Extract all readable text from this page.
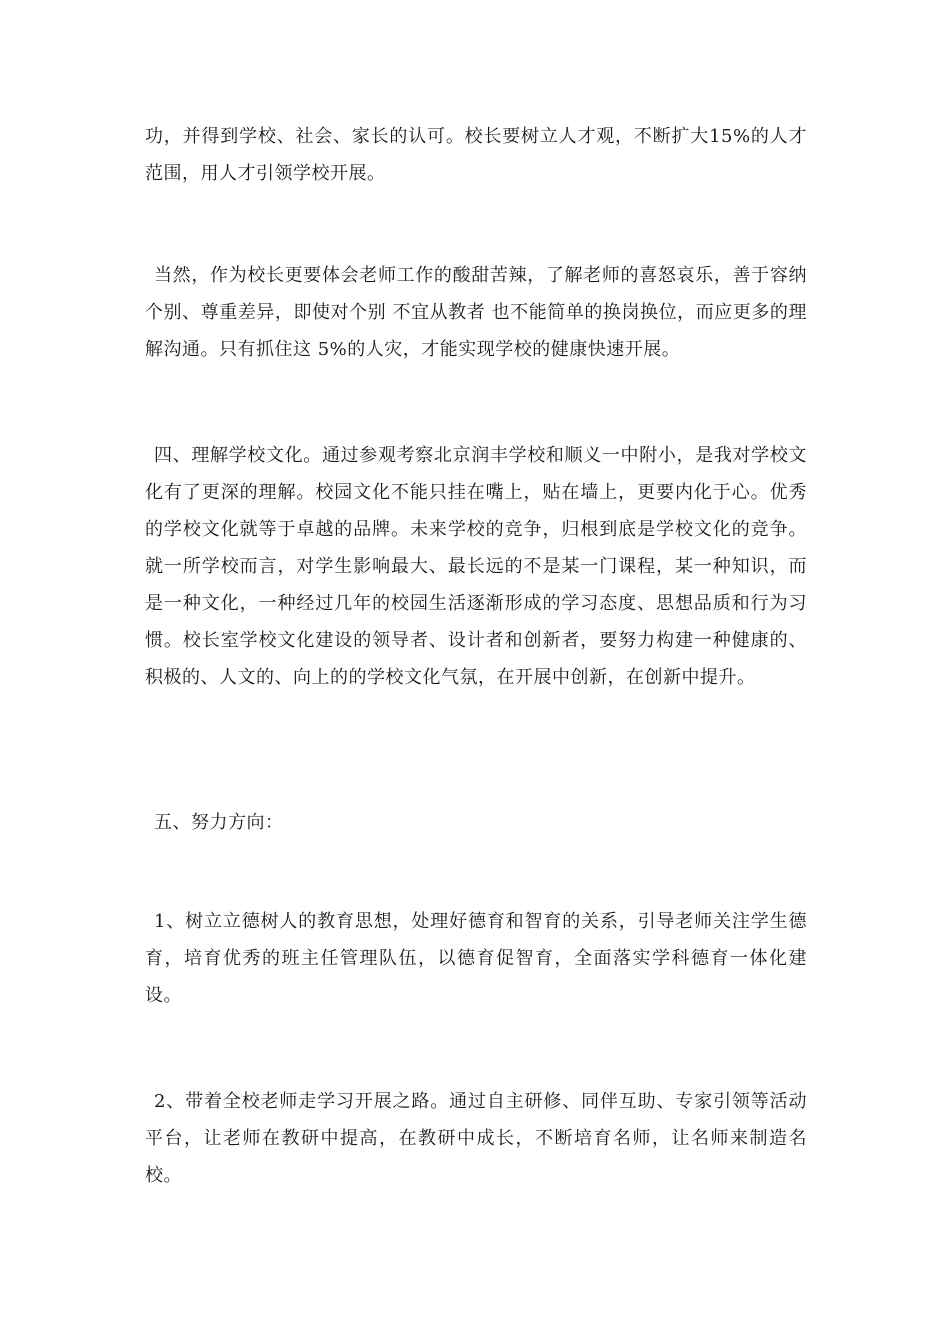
功，并得到学校、社会、家长的认可。校长要树立人才观，不断扩大15%的人才范围，用人才引领学校开展。

当然，作为校长更要体会老师工作的酸甜苦辣，了解老师的喜怒哀乐，善于容纳个别、尊重差异，即使对个别 不宜从教者 也不能简单的换岗换位，而应更多的理解沟通。只有抓住这 5%的人灾，才能实现学校的健康快速开展。

四、理解学校文化。通过参观考察北京润丰学校和顺义一中附小，是我对学校文化有了更深的理解。校园文化不能只挂在嘴上，贴在墙上，更要内化于心。优秀的学校文化就等于卓越的品牌。未来学校的竞争，归根到底是学校文化的竞争。就一所学校而言，对学生影响最大、最长远的不是某一门课程，某一种知识，而是一种文化，一种经过几年的校园生活逐渐形成的学习态度、思想品质和行为习惯。校长室学校文化建设的领导者、设计者和创新者，要努力构建一种健康的、积极的、人文的、向上的的学校文化气氛，在开展中创新，在创新中提升。

五、努力方向：

1、树立立德树人的教育思想，处理好德育和智育的关系，引导老师关注学生德育，培育优秀的班主任管理队伍，以德育促智育，全面落实学科德育一体化建设。

2、带着全校老师走学习开展之路。通过自主研修、同伴互助、专家引领等活动平台，让老师在教研中提高，在教研中成长，不断培育名师，让名师来制造名校。
